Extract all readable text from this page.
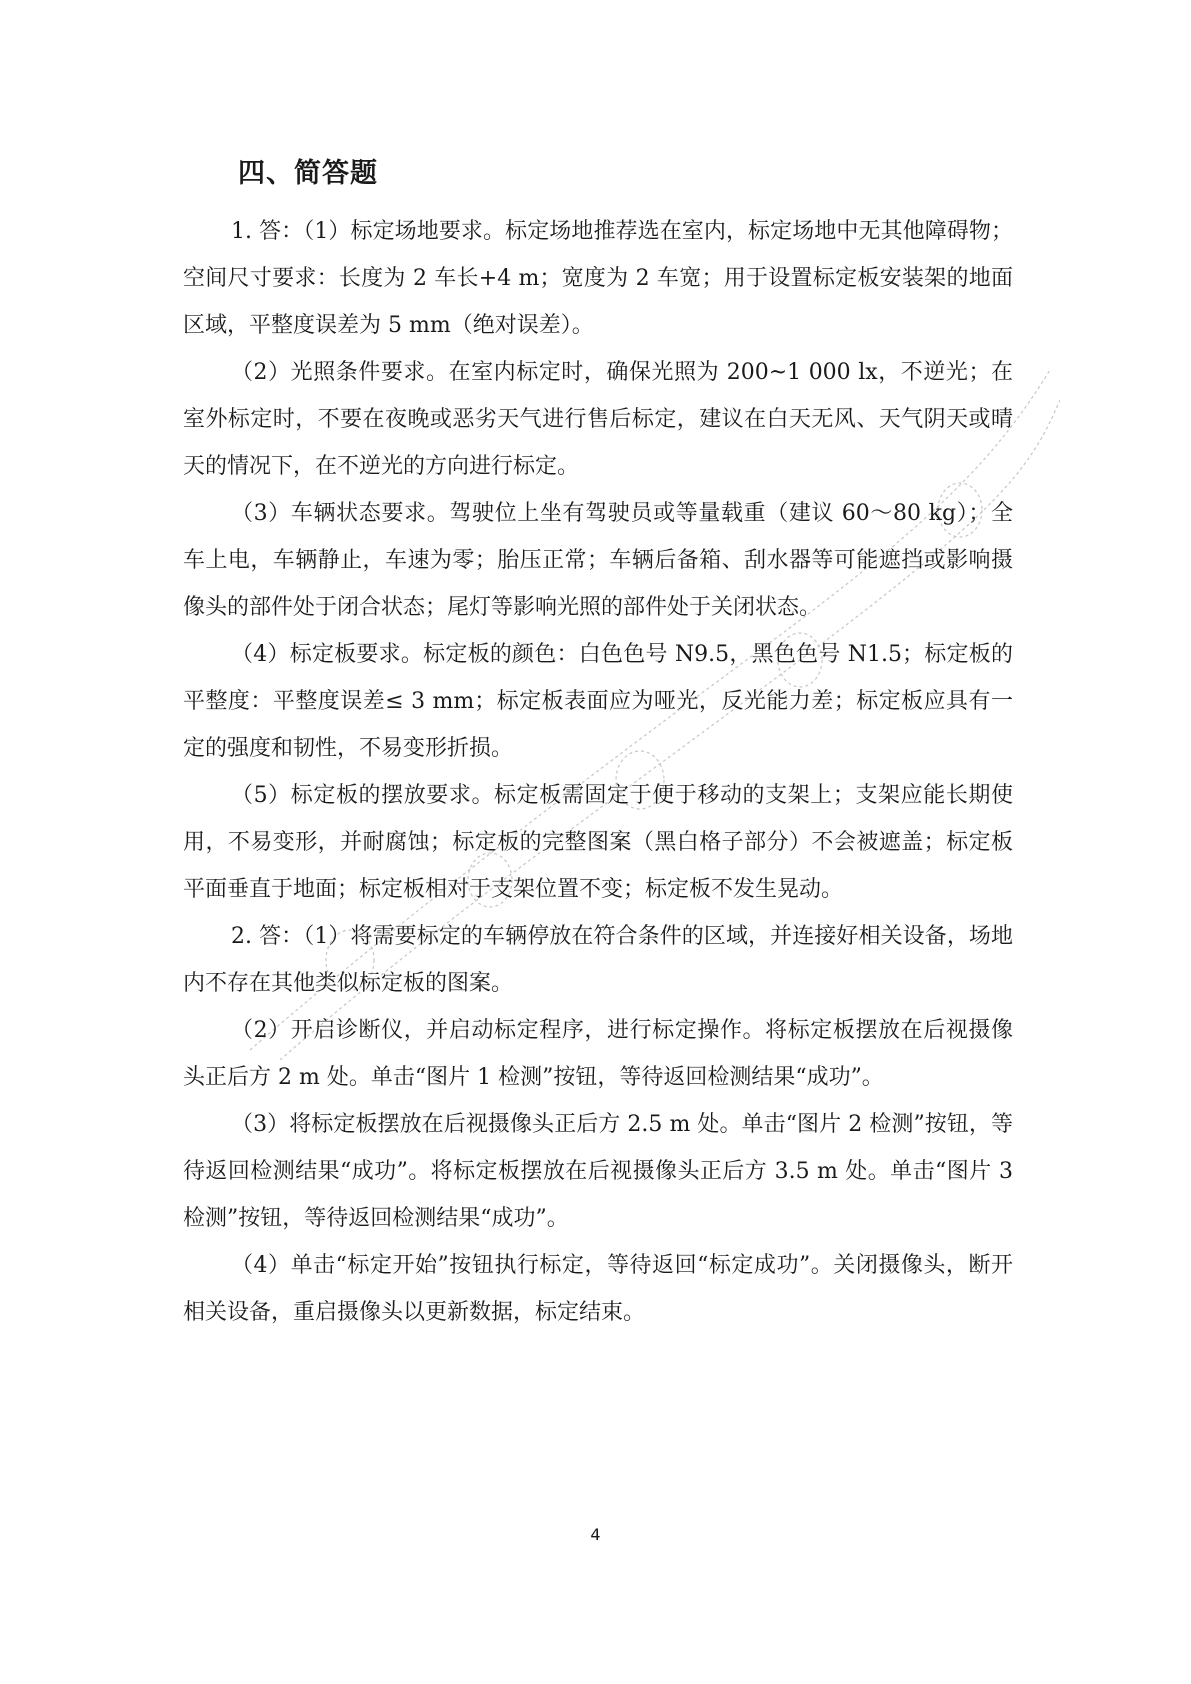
四、简答题

1. 答：（1）标定场地要求。标定场地推荐选在室内，标定场地中无其他障碍物；空间尺寸要求：长度为 2 车长+4 m；宽度为 2 车宽；用于设置标定板安装架的地面区域，平整度误差为 5 mm（绝对误差）。

（2）光照条件要求。在室内标定时，确保光照为 200~1 000 lx，不逆光；在室外标定时，不要在夜晚或恶劣天气进行售后标定，建议在白天无风、天气阴天或晴天的情况下，在不逆光的方向进行标定。

（3）车辆状态要求。驾驶位上坐有驾驶员或等量载重（建议 60～80 kg）；全车上电，车辆静止，车速为零；胎压正常；车辆后备箱、刮水器等可能遮挡或影响摄像头的部件处于闭合状态；尾灯等影响光照的部件处于关闭状态。

（4）标定板要求。标定板的颜色：白色色号 N9.5，黑色色号 N1.5；标定板的平整度：平整度误差≤ 3 mm；标定板表面应为哑光，反光能力差；标定板应具有一定的强度和韧性，不易变形折损。

（5）标定板的摆放要求。标定板需固定于便于移动的支架上；支架应能长期使用，不易变形，并耐腐蚀；标定板的完整图案（黑白格子部分）不会被遮盖；标定板平面垂直于地面；标定板相对于支架位置不变；标定板不发生晃动。

2. 答：（1）将需要标定的车辆停放在符合条件的区域，并连接好相关设备，场地内不存在其他类似标定板的图案。

（2）开启诊断仪，并启动标定程序，进行标定操作。将标定板摆放在后视摄像头正后方 2 m 处。单击“图片 1 检测”按钮，等待返回检测结果“成功”。

（3）将标定板摆放在后视摄像头正后方 2.5 m 处。单击“图片 2 检测”按钮，等待返回检测结果“成功”。将标定板摆放在后视摄像头正后方 3.5 m 处。单击“图片 3 检测”按钮，等待返回检测结果“成功”。

（4）单击“标定开始”按钮执行标定，等待返回“标定成功”。关闭摄像头，断开相关设备，重启摄像头以更新数据，标定结束。

4
